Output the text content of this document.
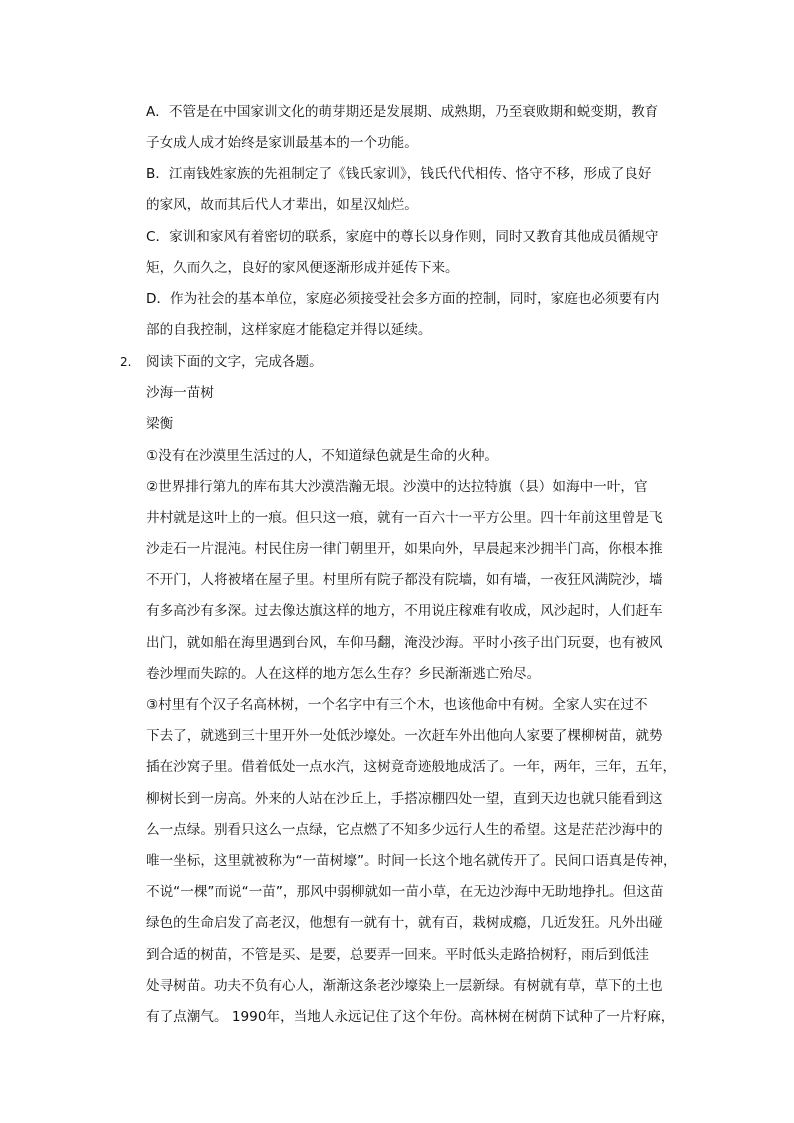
A．不管是在中国家训文化的萌芽期还是发展期、成熟期，乃至衰败期和蜕变期，教育
子女成人成才始终是家训最基本的一个功能。
B．江南钱姓家族的先祖制定了《钱氏家训》，钱氏代代相传、恪守不移，形成了良好
的家风，故而其后代人才辈出，如星汉灿烂。
C．家训和家风有着密切的联系，家庭中的尊长以身作则，同时又教育其他成员循规守
矩，久而久之，良好的家风便逐渐形成并延传下来。
D．作为社会的基本单位，家庭必须接受社会多方面的控制，同时，家庭也必须要有内
部的自我控制，这样家庭才能稳定并得以延续。
2. 阅读下面的文字，完成各题。
沙海一苗树
梁衡
①没有在沙漠里生活过的人，不知道绿色就是生命的火种。
②世界排行第九的库布其大沙漠浩瀚无垠。沙漠中的达拉特旗（县）如海中一叶，官
井村就是这叶上的一痕。但只这一痕，就有一百六十一平方公里。四十年前这里曾是飞
沙走石一片混沌。村民住房一律门朝里开，如果向外，早晨起来沙拥半门高，你根本推
不开门，人将被堵在屋子里。村里所有院子都没有院墙，如有墙，一夜狂风满院沙，墙
有多高沙有多深。过去像达旗这样的地方，不用说庄稼难有收成，风沙起时，人们赶车
出门，就如船在海里遇到台风，车仰马翻，淹没沙海。平时小孩子出门玩耍，也有被风
卷沙埋而失踪的。人在这样的地方怎么生存？乡民渐渐逃亡殆尽。
③村里有个汉子名高林树，一个名字中有三个木，也该他命中有树。全家人实在过不
下去了，就逃到三十里开外一处低沙壕处。一次赶车外出他向人家要了棵柳树苗，就势
插在沙窝子里。借着低处一点水汽，这树竟奇迹般地成活了。一年，两年，三年，五年，
柳树长到一房高。外来的人站在沙丘上，手搭凉棚四处一望，直到天边也就只能看到这
么一点绿。别看只这么一点绿，它点燃了不知多少远行人生的希望。这是茫茫沙海中的
唯一坐标，这里就被称为“一苗树壕”。时间一长这个地名就传开了。民间口语真是传神，
不说“一棵”而说“一苗”，那风中弱柳就如一苗小草，在无边沙海中无助地挣扎。但这苗
绿色的生命启发了高老汉，他想有一就有十，就有百，栽树成瘾，几近发狂。凡外出碰
到合适的树苗，不管是买、是要，总要弄一回来。平时低头走路拾树籽，雨后到低洼
处寻树苗。功夫不负有心人，渐渐这条老沙壕染上一层新绿。有树就有草，草下的土也
有了点潮气。 1990年，当地人永远记住了这个年份。高林树在树荫下试种了一片籽麻，
